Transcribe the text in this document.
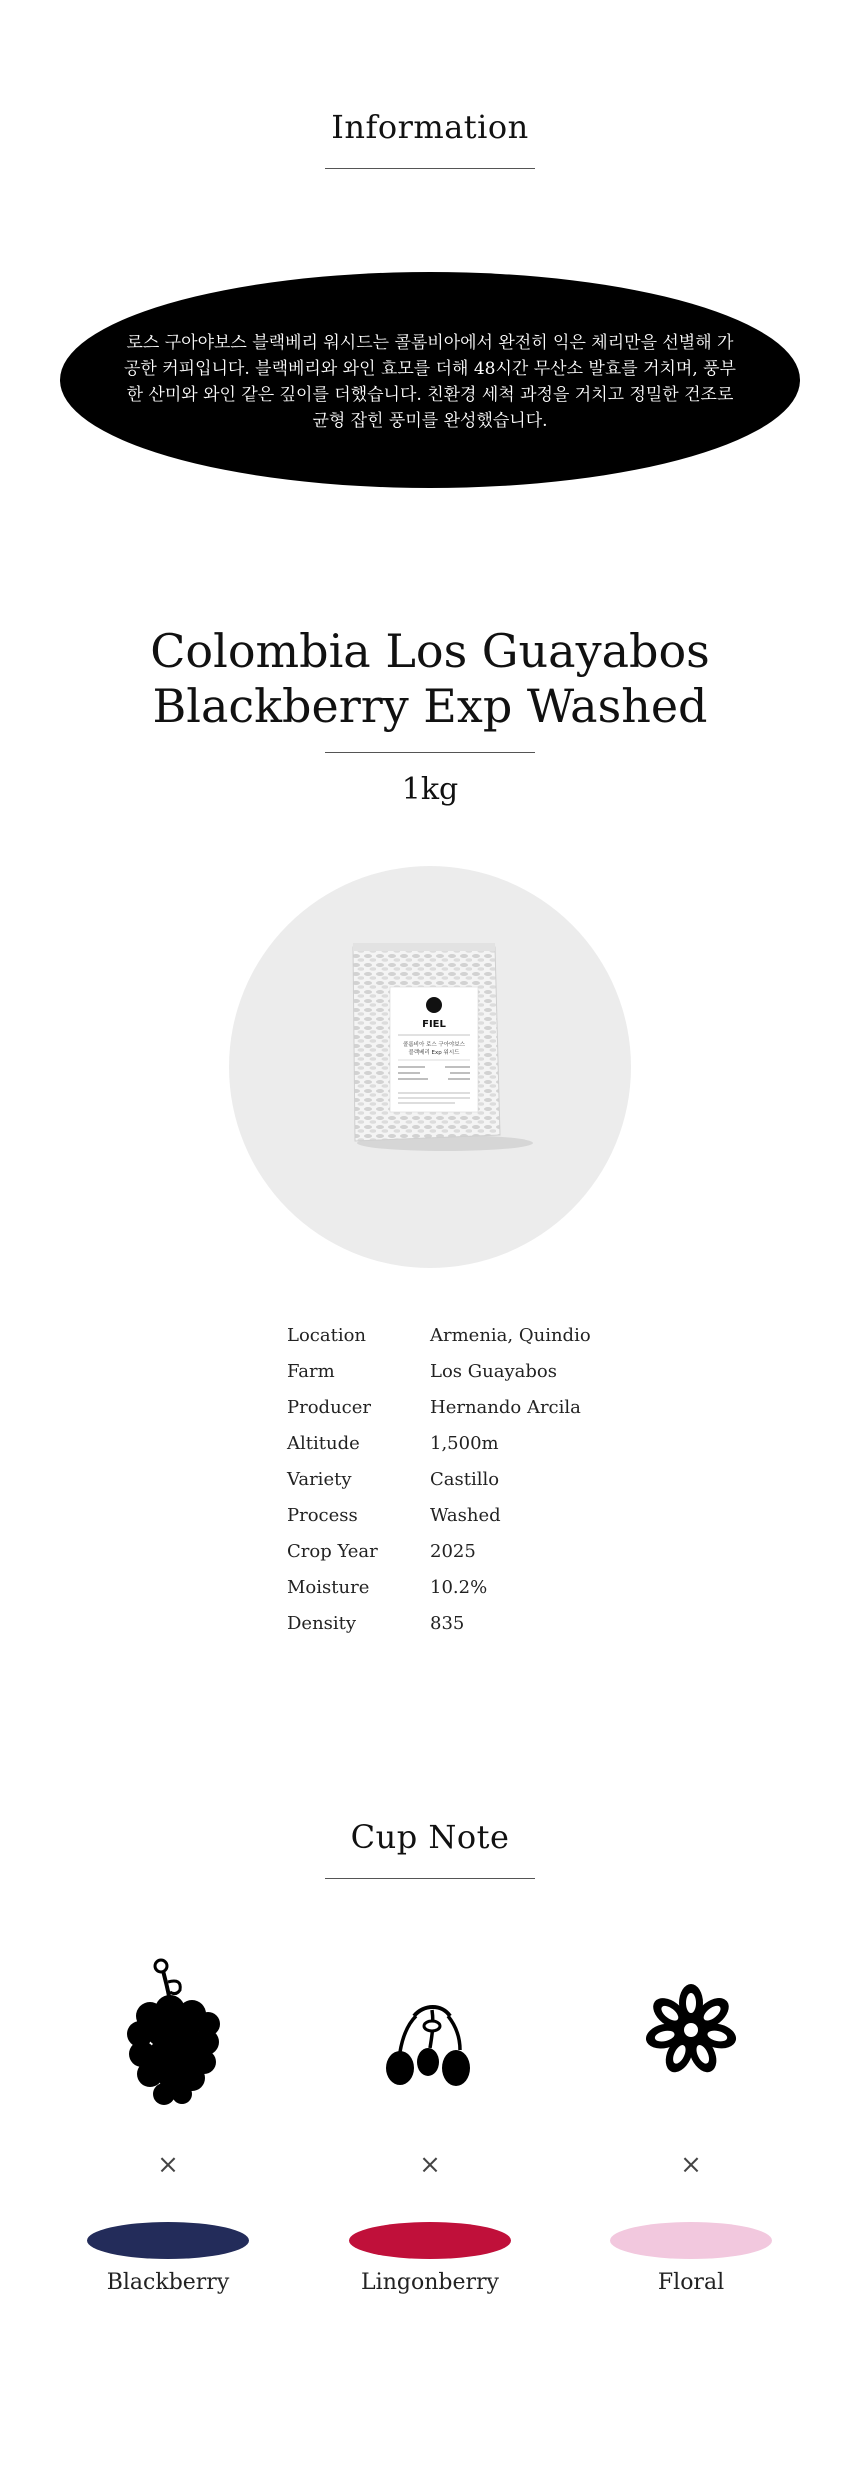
Information
로스 구아야보스 블랙베리 워시드는 콜롬비아에서 완전히 익은 체리만을 선별해 가공한 커피입니다. 블랙베리와 와인 효모를 더해 48시간 무산소 발효를 거치며, 풍부한 산미와 와인 같은 깊이를 더했습니다. 친환경 세척 과정을 거치고 정밀한 건조로 균형 잡힌 풍미를 완성했습니다.
Colombia Los Guayabos
Blackberry Exp Washed
1kg
FIEL
콜롬비아 로스 구아야보스
블랙베리 Exp 워시드
Location	Armenia, Quindio
Farm	Los Guayabos
Producer	Hernando Arcila
Altitude	1,500m
Variety	Castillo
Process	Washed
Crop Year	2025
Moisture	10.2%
Density	835
Cup Note
×	×	×
Blackberry	Lingonberry	Floral
